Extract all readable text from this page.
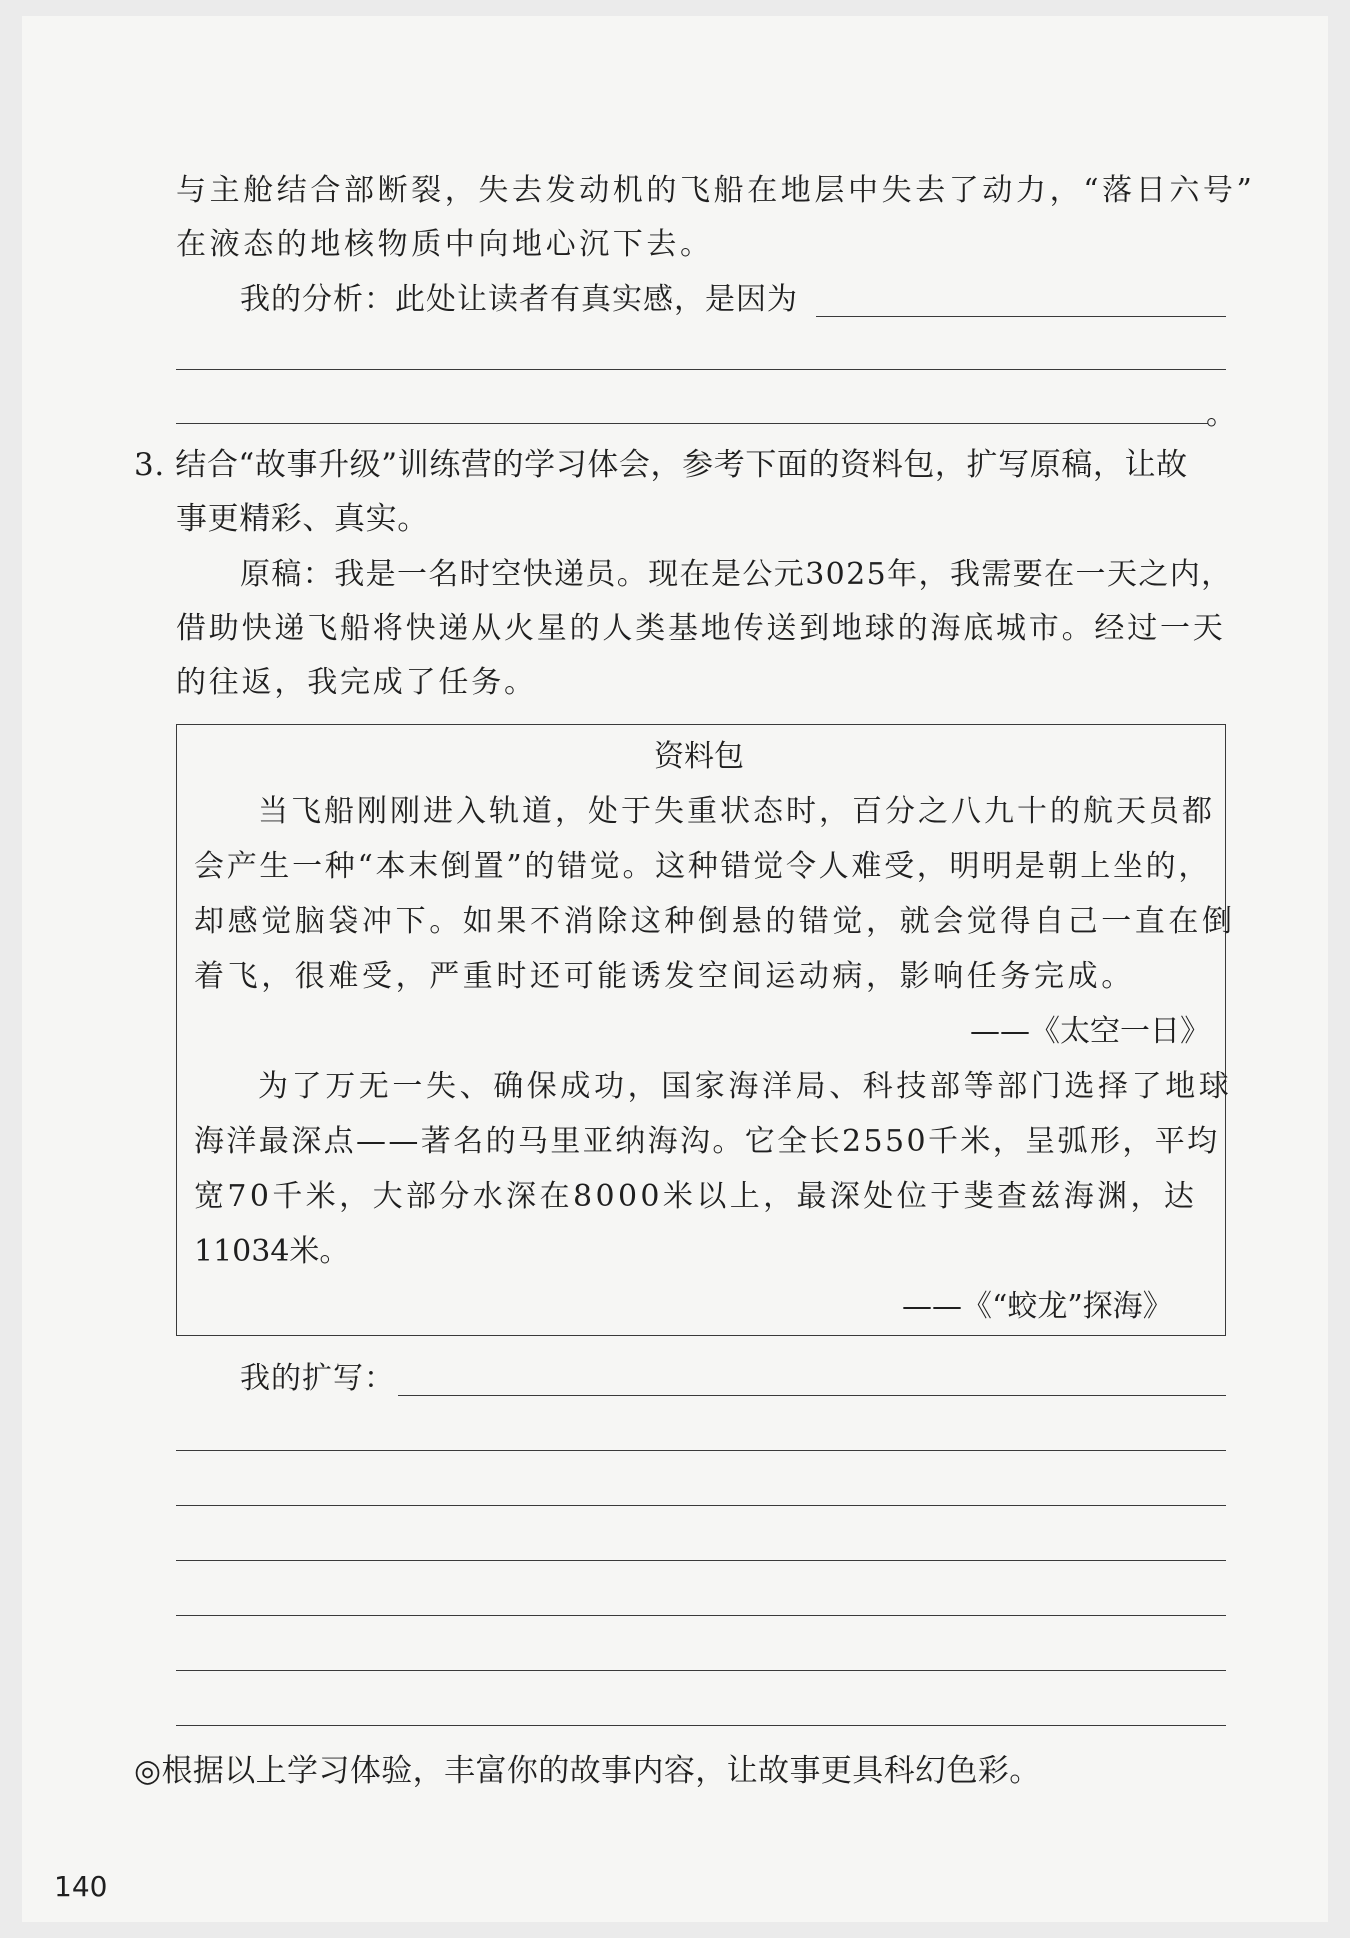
与主舱结合部断裂，失去发动机的飞船在地层中失去了动力，“落日六号”
在液态的地核物质中向地心沉下去。
我的分析：此处让读者有真实感，是因为
。
3. 结合“故事升级”训练营的学习体会，参考下面的资料包，扩写原稿，让故
事更精彩、真实。
原稿：我是一名时空快递员。现在是公元3025年，我需要在一天之内，
借助快递飞船将快递从火星的人类基地传送到地球的海底城市。经过一天
的往返，我完成了任务。
资料包
当飞船刚刚进入轨道，处于失重状态时，百分之八九十的航天员都
会产生一种“本末倒置”的错觉。这种错觉令人难受，明明是朝上坐的，
却感觉脑袋冲下。如果不消除这种倒悬的错觉，就会觉得自己一直在倒
着飞，很难受，严重时还可能诱发空间运动病，影响任务完成。
——《太空一日》
为了万无一失、确保成功，国家海洋局、科技部等部门选择了地球
海洋最深点——著名的马里亚纳海沟。它全长2550千米，呈弧形，平均
宽70千米，大部分水深在8000米以上，最深处位于斐查兹海渊，达
11034米。
——《“蛟龙”探海》
我的扩写：
◎根据以上学习体验，丰富你的故事内容，让故事更具科幻色彩。
140
